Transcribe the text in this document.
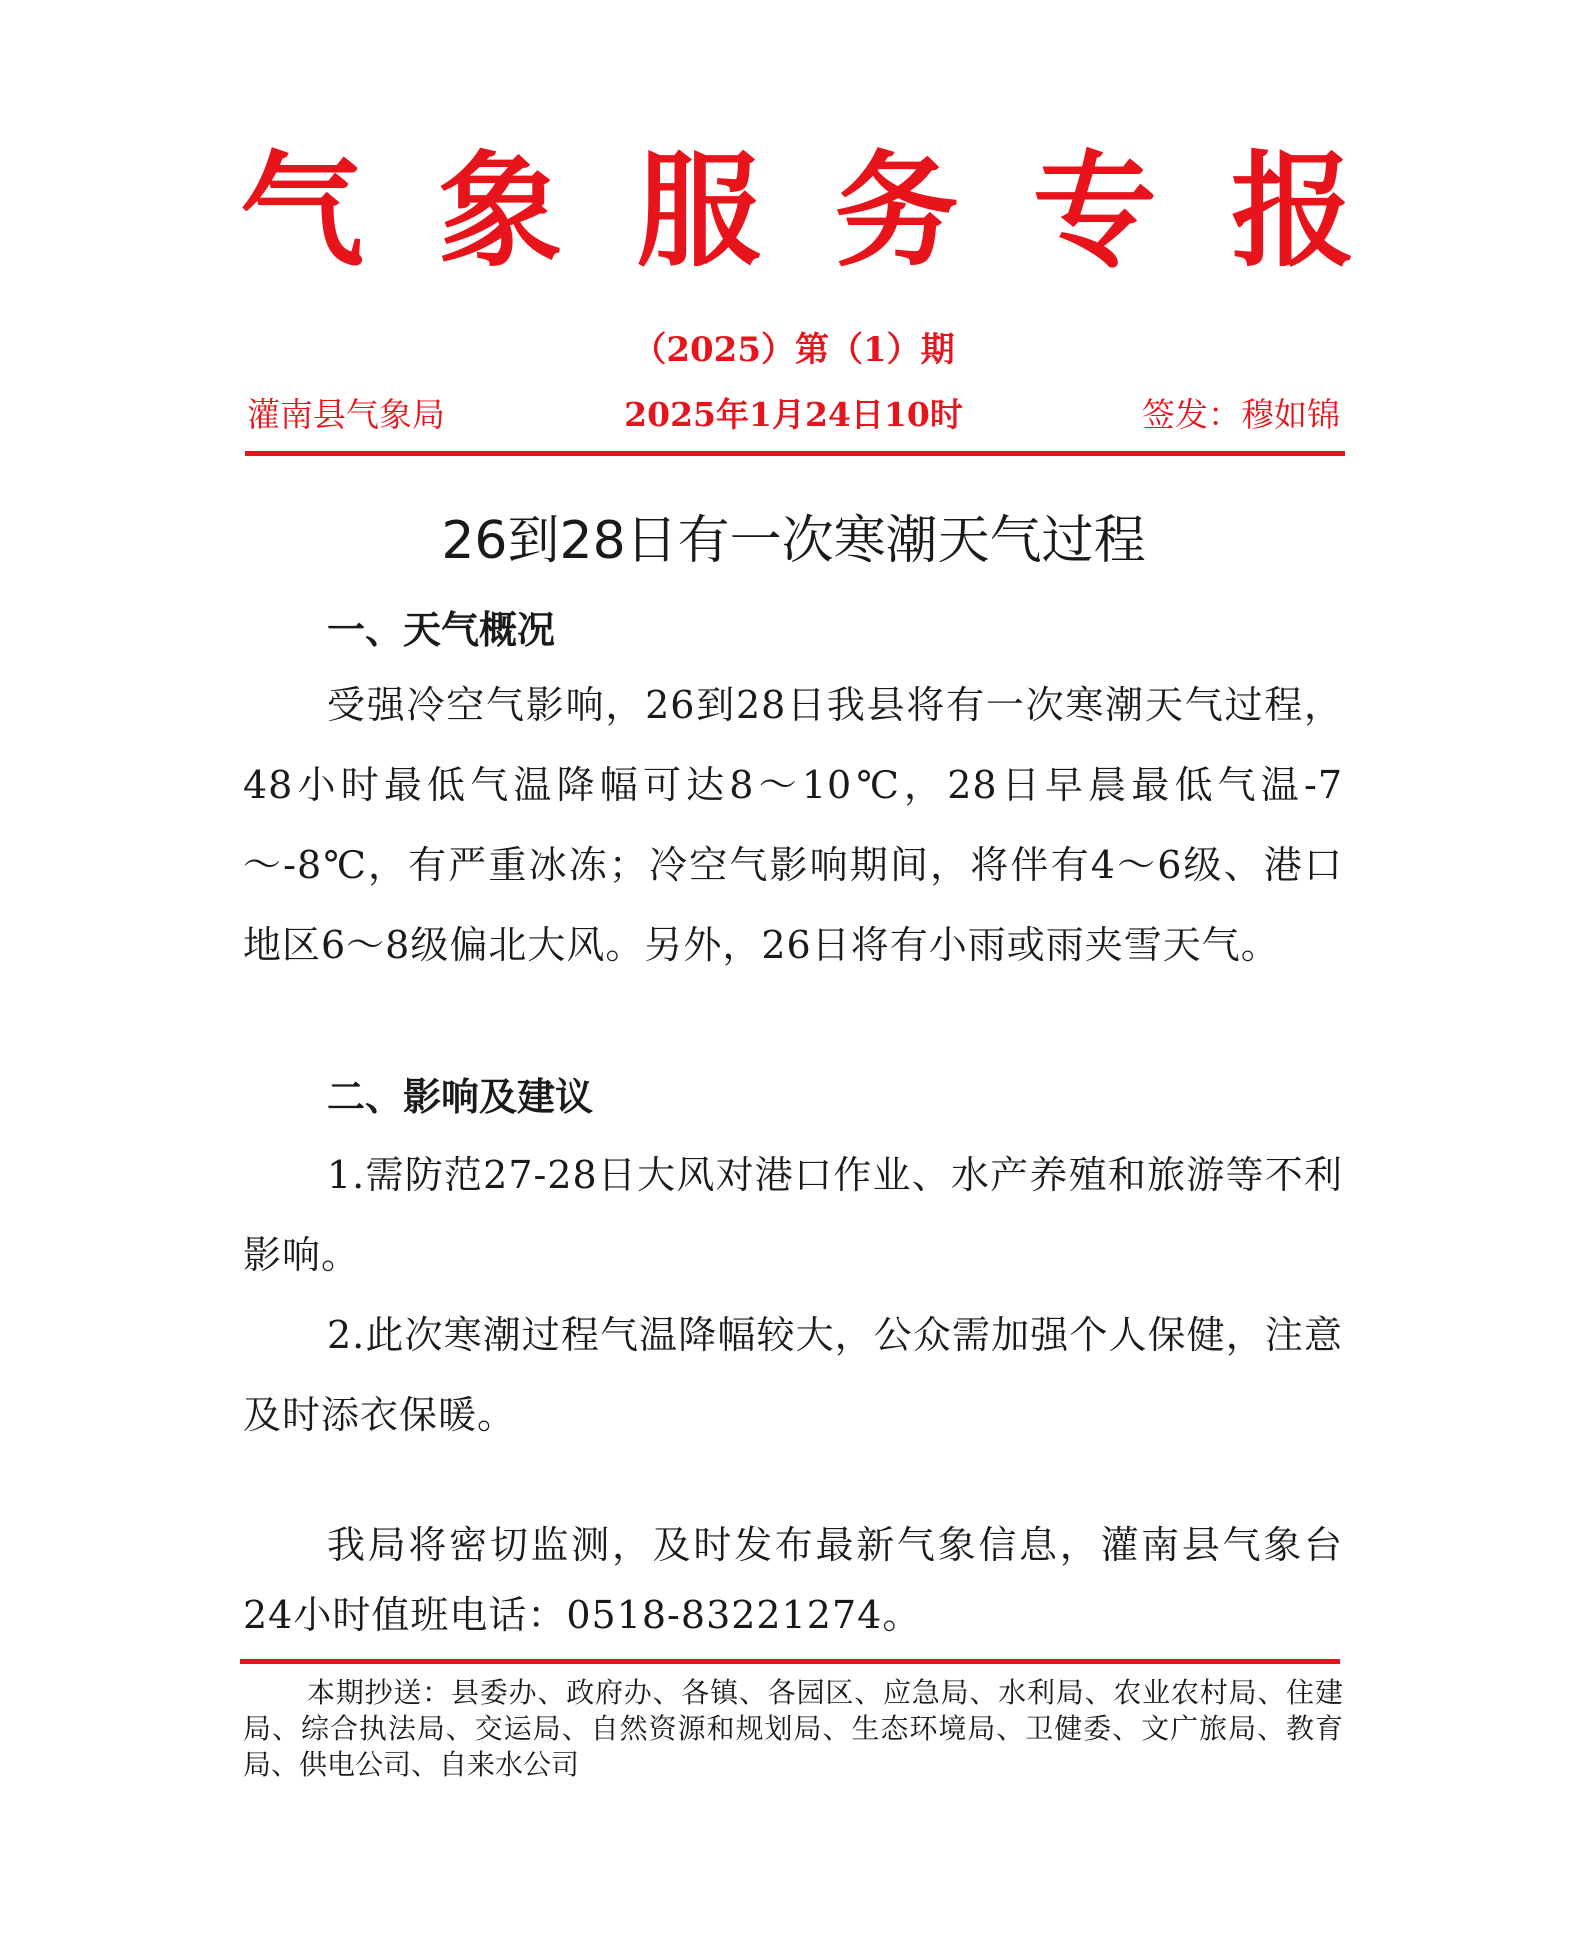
气 象 服 务 专 报
（2025）第（1）期
灌南县气象局	2025年1月24日10时	签发：穆如锦
26到28日有一次寒潮天气过程
一、天气概况

受强冷空气影响，26到28日我县将有一次寒潮天气过程，48小时最低气温降幅可达8～10℃，28日早晨最低气温-7～-8℃，有严重冰冻；冷空气影响期间，将伴有4～6级、港口地区6～8级偏北大风。另外，26日将有小雨或雨夹雪天气。

二、影响及建议

1.需防范27-28日大风对港口作业、水产养殖和旅游等不利影响。

2.此次寒潮过程气温降幅较大，公众需加强个人保健，注意及时添衣保暖。

我局将密切监测，及时发布最新气象信息，灌南县气象台24小时值班电话：0518-83221274。

本期抄送：县委办、政府办、各镇、各园区、应急局、水利局、农业农村局、住建局、综合执法局、交运局、自然资源和规划局、生态环境局、卫健委、文广旅局、教育局、供电公司、自来水公司
